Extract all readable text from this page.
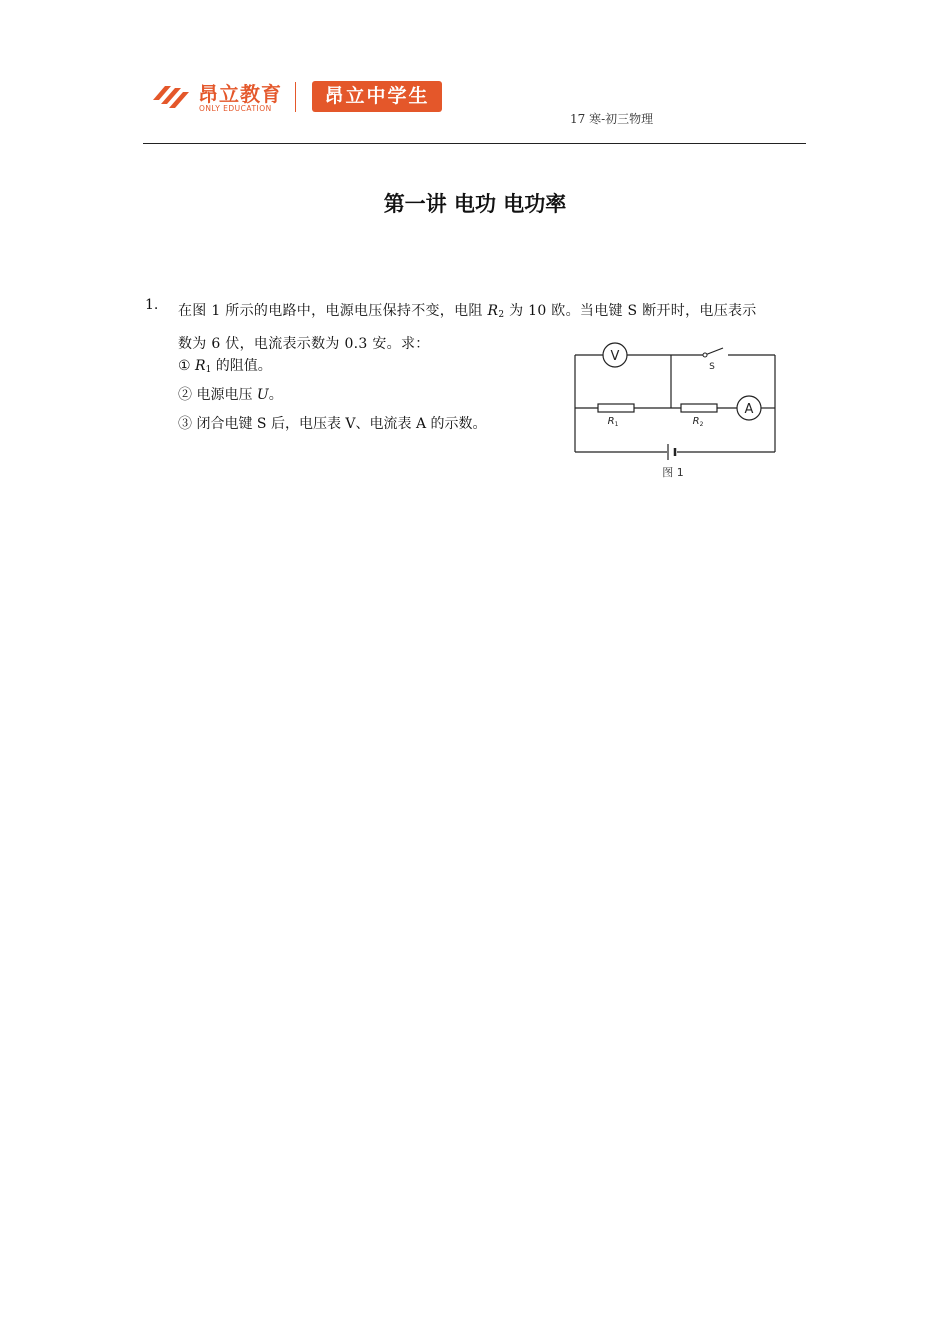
昂立教育
ONLY EDUCATION
昂立中学生
17 寒-初三物理
第一讲 电功 电功率
1. 在图 1 所示的电路中，电源电压保持不变，电阻 $R_2$ 为 10 欧。当电键 S 断开时，电压表示
数为 6 伏，电流表示数为 0.3 安。求：
① $R_1$ 的阻值。
② 电源电压 U。
③ 闭合电键 S 后，电压表 V、电流表 A 的示数。
V
S
$R_1$	$R_2$
A
图 1
